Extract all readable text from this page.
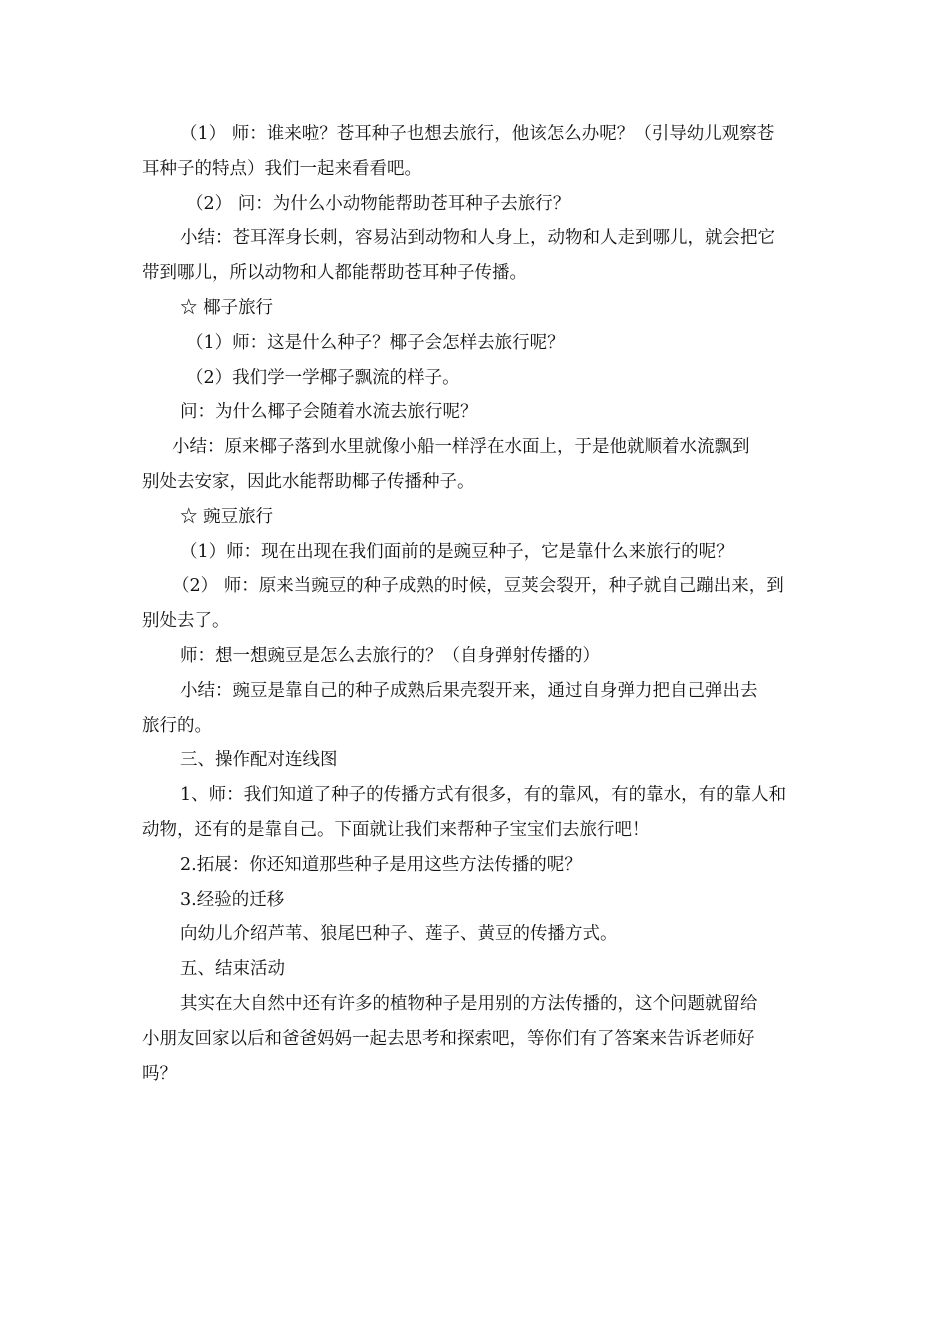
（1） 师：谁来啦？苍耳种子也想去旅行，他该怎么办呢？（引导幼儿观察苍
耳种子的特点）我们一起来看看吧。

（2） 问：为什么小动物能帮助苍耳种子去旅行？

小结：苍耳浑身长刺，容易沾到动物和人身上，动物和人走到哪儿，就会把它
带到哪儿，所以动物和人都能帮助苍耳种子传播。

☆ 椰子旅行

（1）师：这是什么种子？椰子会怎样去旅行呢？

（2）我们学一学椰子飘流的样子。

问：为什么椰子会随着水流去旅行呢？

小结：原来椰子落到水里就像小船一样浮在水面上，于是他就顺着水流飘到
别处去安家，因此水能帮助椰子传播种子。

☆ 豌豆旅行

（1）师：现在出现在我们面前的是豌豆种子，它是靠什么来旅行的呢？

（2） 师：原来当豌豆的种子成熟的时候，豆荚会裂开，种子就自己蹦出来，到
别处去了。

师：想一想豌豆是怎么去旅行的？（自身弹射传播的）

小结：豌豆是靠自己的种子成熟后果壳裂开来，通过自身弹力把自己弹出去
旅行的。

三、操作配对连线图

1、师：我们知道了种子的传播方式有很多，有的靠风，有的靠水，有的靠人和
动物，还有的是靠自己。下面就让我们来帮种子宝宝们去旅行吧！

2.拓展：你还知道那些种子是用这些方法传播的呢？

3.经验的迁移

向幼儿介绍芦苇、狼尾巴种子、莲子、黄豆的传播方式。

五、结束活动

其实在大自然中还有许多的植物种子是用别的方法传播的，这个问题就留给
小朋友回家以后和爸爸妈妈一起去思考和探索吧，等你们有了答案来告诉老师好
吗？
